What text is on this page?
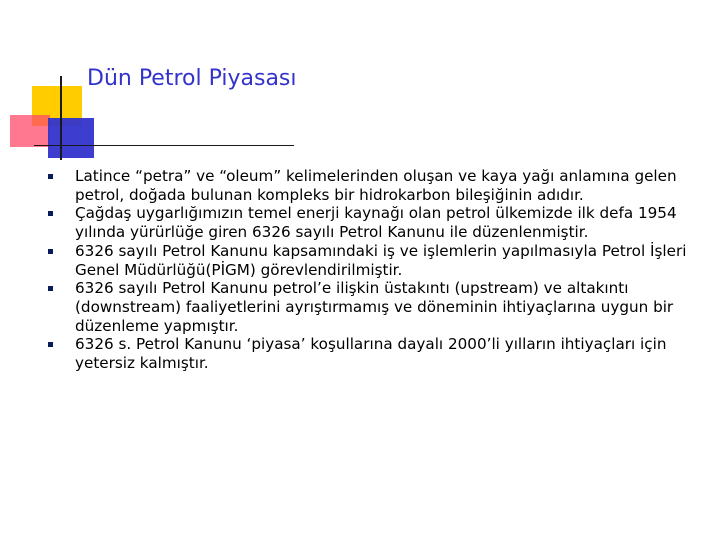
Dün Petrol Piyasası
Latince “petra” ve “oleum” kelimelerinden oluşan ve kaya yağı anlamına gelen petrol, doğada bulunan kompleks bir hidrokarbon bileşiğinin adıdır.
Çağdaş uygarlığımızın temel enerji kaynağı olan petrol ülkemizde ilk defa 1954 yılında yürürlüğe giren 6326 sayılı Petrol Kanunu ile düzenlenmiştir.
6326 sayılı Petrol Kanunu kapsamındaki iş ve işlemlerin yapılmasıyla Petrol İşleri Genel Müdürlüğü(PİGM) görevlendirilmiştir.
6326 sayılı Petrol Kanunu petrol’e ilişkin üstakıntı (upstream) ve altakıntı (downstream) faaliyetlerini ayrıştırmamış ve döneminin ihtiyaçlarına uygun bir düzenleme yapmıştır.
6326 s. Petrol Kanunu ‘piyasa’ koşullarına dayalı 2000’li yılların ihtiyaçları için yetersiz kalmıştır.
